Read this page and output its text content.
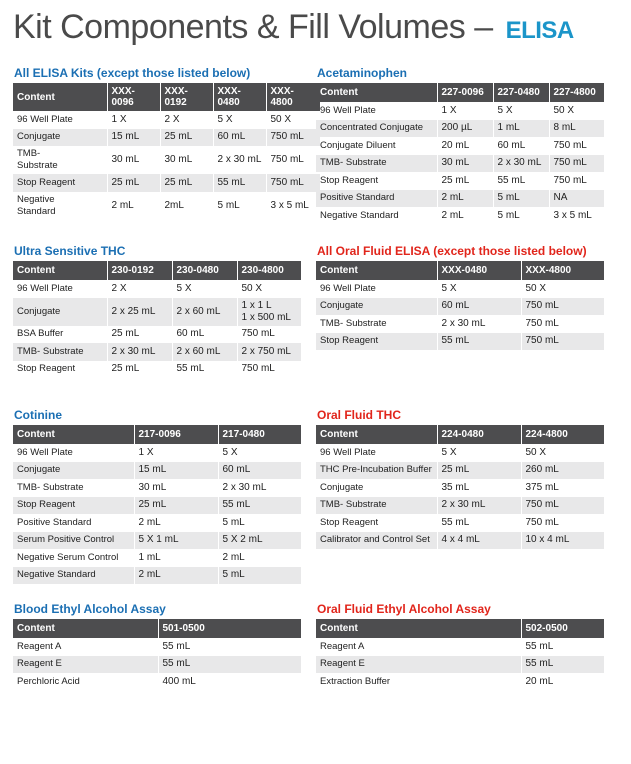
Kit Components & Fill Volumes – ELISA
All ELISA Kits (except those listed below)
Content	XXX-0096	XXX-0192	XXX-0480	XXX-4800
96 Well Plate	1 X	2 X	5 X	50 X
Conjugate	15 mL	25 mL	60 mL	750 mL
TMB-
Substrate	30 mL	30 mL	2 x 30 mL	750 mL
Stop Reagent	25 mL	25 mL	55 mL	750 mL
Negative
Standard	2 mL	2mL	5 mL	3 x 5 mL
Acetaminophen
Content	227-0096	227-0480	227-4800
96 Well Plate	1 X	5 X	50 X
Concentrated Conjugate	200 µL	1 mL	8 mL
Conjugate Diluent	20 mL	60 mL	750 mL
TMB- Substrate	30 mL	2 x 30 mL	750 mL
Stop Reagent	25 mL	55 mL	750 mL
Positive Standard	2 mL	5 mL	NA
Negative Standard	2 mL	5 mL	3 x 5 mL
Ultra Sensitive THC
Content	230-0192	230-0480	230-4800
96 Well Plate	2 X	5 X	50 X
Conjugate	2 x 25 mL	2 x 60 mL	1 x 1 L
1 x 500 mL
BSA Buffer	25 mL	60 mL	750 mL
TMB- Substrate	2 x 30 mL	2 x 60 mL	2 x 750 mL
Stop Reagent	25 mL	55 mL	750 mL
All Oral Fluid ELISA (except those listed below)
Content	XXX-0480	XXX-4800
96 Well Plate	5 X	50 X
Conjugate	60 mL	750 mL
TMB- Substrate	2 x 30 mL	750 mL
Stop Reagent	55 mL	750 mL
Cotinine
Content	217-0096	217-0480
96 Well Plate	1 X	5 X
Conjugate	15 mL	60 mL
TMB- Substrate	30 mL	2 x 30 mL
Stop Reagent	25 mL	55 mL
Positive Standard	2 mL	5 mL
Serum Positive Control	5 X 1 mL	5 X 2 mL
Negative Serum Control	1 mL	2 mL
Negative Standard	2 mL	5 mL
Oral Fluid THC
Content	224-0480	224-4800
96 Well Plate	5 X	50 X
THC Pre-Incubation Buffer	25 mL	260 mL
Conjugate	35 mL	375 mL
TMB- Substrate	2 x 30 mL	750 mL
Stop Reagent	55 mL	750 mL
Calibrator and Control Set	4 x 4 mL	10 x 4 mL
Blood Ethyl Alcohol Assay
Content	501-0500
Reagent A	55 mL
Reagent E	55 mL
Perchloric Acid	400 mL
Oral Fluid Ethyl Alcohol Assay
Content	502-0500
Reagent A	55 mL
Reagent E	55 mL
Extraction Buffer	20 mL
